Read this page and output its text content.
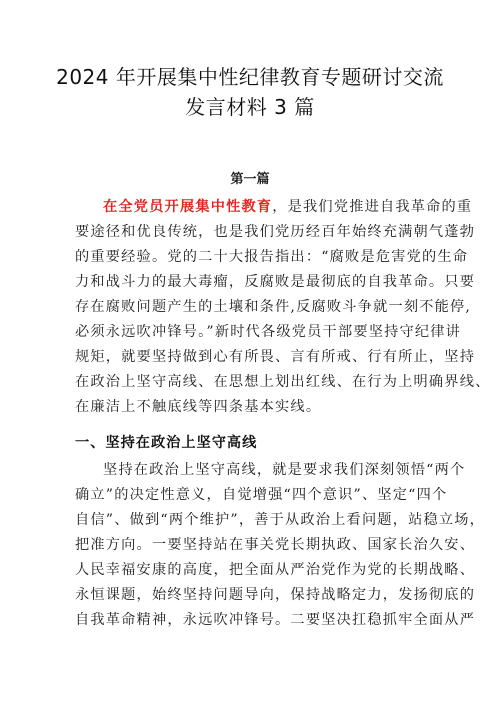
2024 年开展集中性纪律教育专题研讨交流
发言材料 3 篇
第一篇
在全党员开展集中性教育，是我们党推进自我革命的重
要途径和优良传统，也是我们党历经百年始终充满朝气蓬勃
的重要经验。党的二十大报告指出：“腐败是危害党的生命
力和战斗力的最大毒瘤，反腐败是最彻底的自我革命。只要
存在腐败问题产生的土壤和条件,反腐败斗争就一刻不能停,
必须永远吹冲锋号。”新时代各级党员干部要坚持守纪律讲
规矩，就要坚持做到心有所畏、言有所戒、行有所止，坚持
在政治上坚守高线、在思想上划出红线、在行为上明确界线、
在廉洁上不触底线等四条基本实线。
一、坚持在政治上坚守高线
坚持在政治上坚守高线，就是要求我们深刻领悟“两个
确立”的决定性意义，自觉增强“四个意识”、坚定“四个
自信”、做到“两个维护”，善于从政治上看问题，站稳立场，
把准方向。一要坚持站在事关党长期执政、国家长治久安、
人民幸福安康的高度，把全面从严治党作为党的长期战略、
永恒课题，始终坚持问题导向，保持战略定力，发扬彻底的
自我革命精神，永远吹冲锋号。二要坚决扛稳抓牢全面从严
